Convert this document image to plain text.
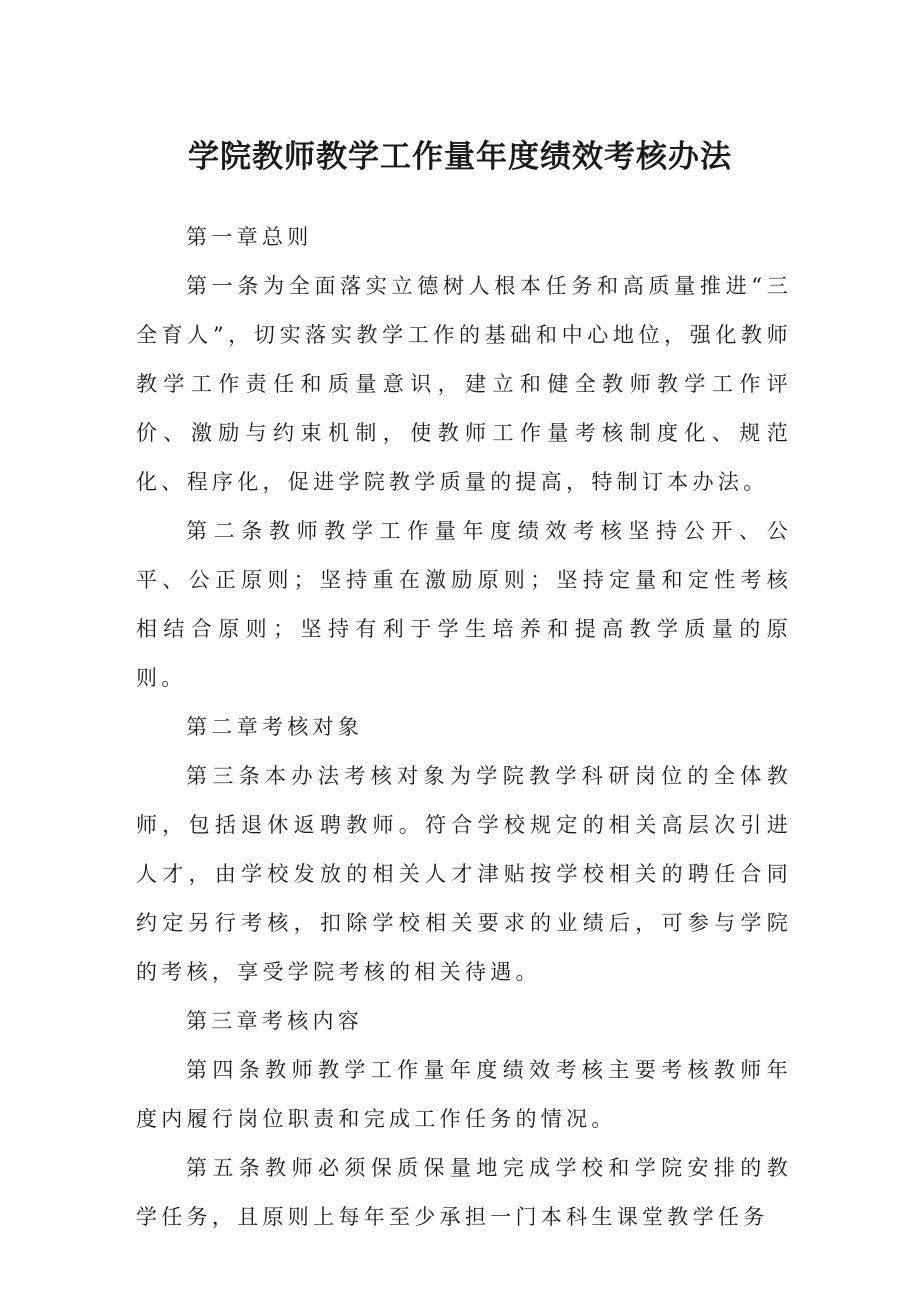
学院教师教学工作量年度绩效考核办法

第一章总则

第一条为全面落实立德树人根本任务和高质量推进“三全育人”，切实落实教学工作的基础和中心地位，强化教师教学工作责任和质量意识，建立和健全教师教学工作评价、激励与约束机制，使教师工作量考核制度化、规范化、程序化，促进学院教学质量的提高，特制订本办法。

第二条教师教学工作量年度绩效考核坚持公开、公平、公正原则；坚持重在激励原则；坚持定量和定性考核相结合原则；坚持有利于学生培养和提高教学质量的原则。

第二章考核对象

第三条本办法考核对象为学院教学科研岗位的全体教师，包括退休返聘教师。符合学校规定的相关高层次引进人才，由学校发放的相关人才津贴按学校相关的聘任合同约定另行考核，扣除学校相关要求的业绩后，可参与学院的考核，享受学院考核的相关待遇。

第三章考核内容

第四条教师教学工作量年度绩效考核主要考核教师年度内履行岗位职责和完成工作任务的情况。

第五条教师必须保质保量地完成学校和学院安排的教学任务，且原则上每年至少承担一门本科生课堂教学任务
